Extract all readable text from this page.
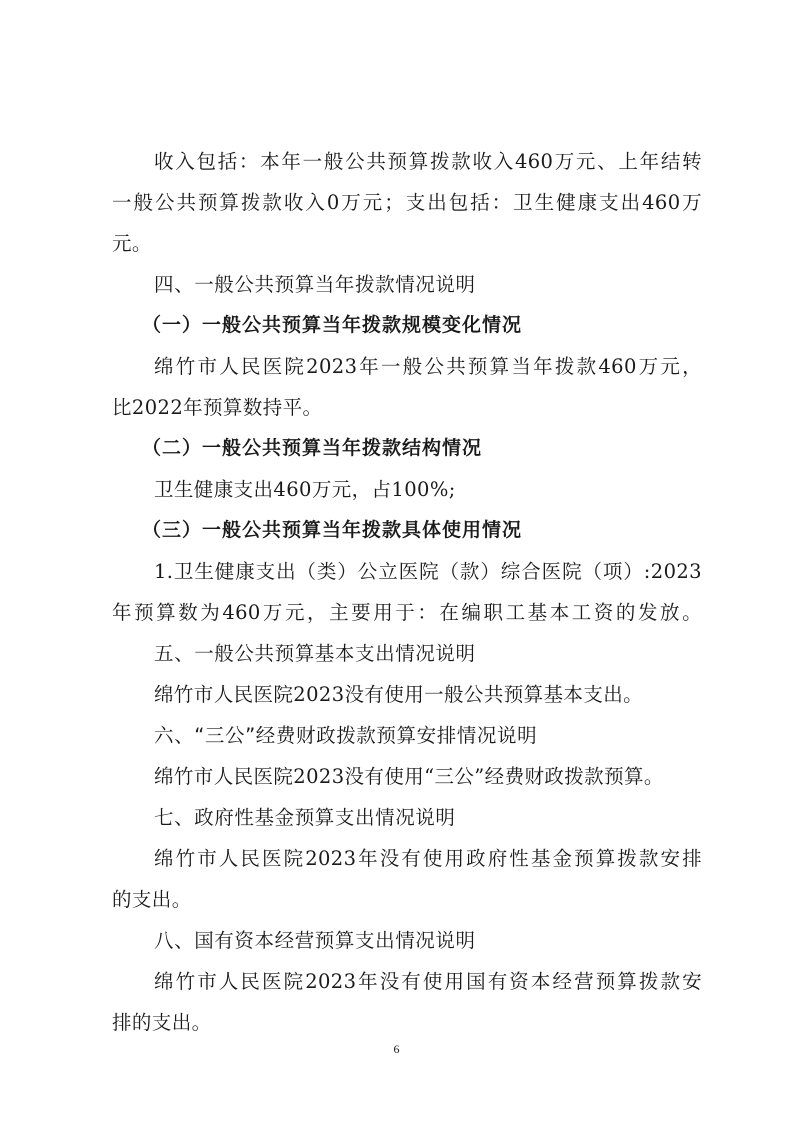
收入包括：本年一般公共预算拨款收入460万元、上年结转
一般公共预算拨款收入0万元；支出包括：卫生健康支出460万
元。
四、一般公共预算当年拨款情况说明
（一）一般公共预算当年拨款规模变化情况
绵竹市人民医院2023年一般公共预算当年拨款460万元，
比2022年预算数持平。
（二）一般公共预算当年拨款结构情况
卫生健康支出460万元，占100%;
（三）一般公共预算当年拨款具体使用情况
1.卫生健康支出（类）公立医院（款）综合医院（项）:2023
年预算数为460万元，主要用于：在编职工基本工资的发放。
五、一般公共预算基本支出情况说明
绵竹市人民医院2023没有使用一般公共预算基本支出。
六、“三公”经费财政拨款预算安排情况说明
绵竹市人民医院2023没有使用“三公”经费财政拨款预算。
七、政府性基金预算支出情况说明
绵竹市人民医院2023年没有使用政府性基金预算拨款安排
的支出。
八、国有资本经营预算支出情况说明
绵竹市人民医院2023年没有使用国有资本经营预算拨款安
排的支出。
6
